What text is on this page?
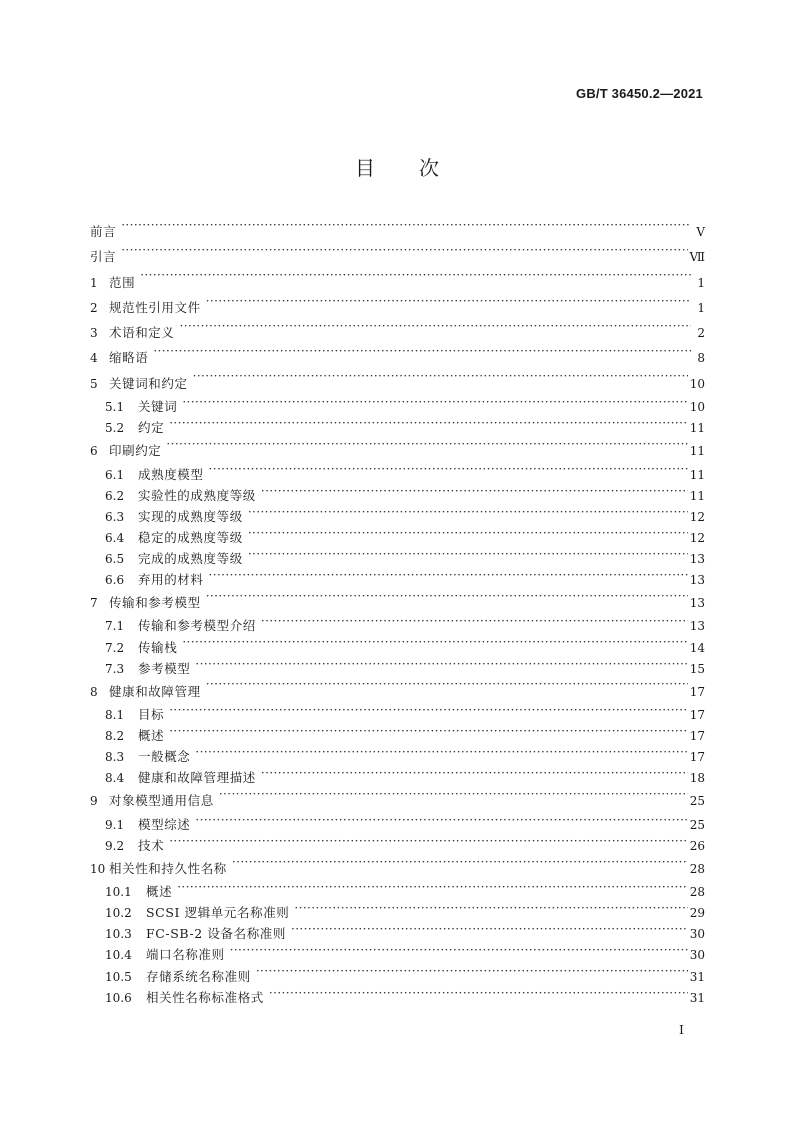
GB/T 36450.2—2021
目 次
前言 ·····	Ⅴ
引言 ·····	Ⅶ
1 范围 ·····	1
2 规范性引用文件 ·····	1
3 术语和定义 ·····	2
4 缩略语 ·····	8
5 关键词和约定 ·····	10
5.1	关键词 ·····	10
5.2	约定 ·····	11
6 印刷约定 ·····	11
6.1	成熟度模型 ·····	11
6.2	实验性的成熟度等级 ·····	11
6.3	实现的成熟度等级 ·····	12
6.4	稳定的成熟度等级 ·····	12
6.5	完成的成熟度等级 ·····	13
6.6	弃用的材料 ·····	13
7 传输和参考模型 ·····	13
7.1	传输和参考模型介绍 ·····	13
7.2	传输栈 ·····	14
7.3	参考模型 ·····	15
8 健康和故障管理 ·····	17
8.1	目标 ·····	17
8.2	概述 ·····	17
8.3	一般概念 ·····	17
8.4	健康和故障管理描述 ·····	18
9 对象模型通用信息 ·····	25
9.1	模型综述 ·····	25
9.2	技术 ·····	26
10 相关性和持久性名称 ·····	28
10.1	概述 ·····	28
10.2	SCSI 逻辑单元名称准则 ·····	29
10.3	FC-SB-2 设备名称准则 ·····	30
10.4	端口名称准则 ·····	30
10.5	存储系统名称准则 ·····	31
10.6	相关性名称标准格式 ·····	31
I
